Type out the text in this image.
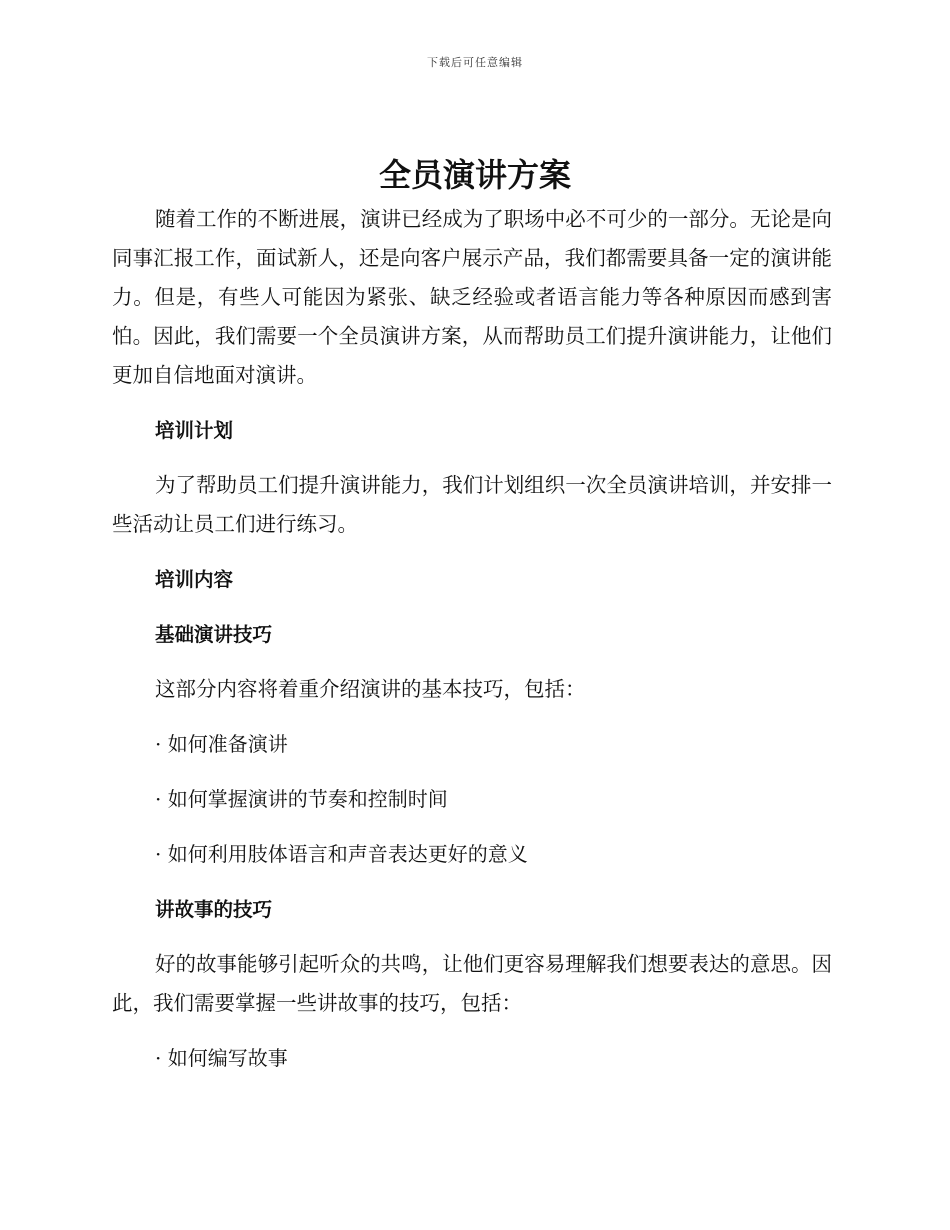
下载后可任意编辑
全员演讲方案

随着工作的不断进展，演讲已经成为了职场中必不可少的一部分。无论是向同事汇报工作，面试新人，还是向客户展示产品，我们都需要具备一定的演讲能力。但是，有些人可能因为紧张、缺乏经验或者语言能力等各种原因而感到害怕。因此，我们需要一个全员演讲方案，从而帮助员工们提升演讲能力，让他们更加自信地面对演讲。

培训计划

为了帮助员工们提升演讲能力，我们计划组织一次全员演讲培训，并安排一些活动让员工们进行练习。

培训内容

基础演讲技巧

这部分内容将着重介绍演讲的基本技巧，包括：

· 如何准备演讲

· 如何掌握演讲的节奏和控制时间

· 如何利用肢体语言和声音表达更好的意义

讲故事的技巧

好的故事能够引起听众的共鸣，让他们更容易理解我们想要表达的意思。因此，我们需要掌握一些讲故事的技巧，包括：

· 如何编写故事
